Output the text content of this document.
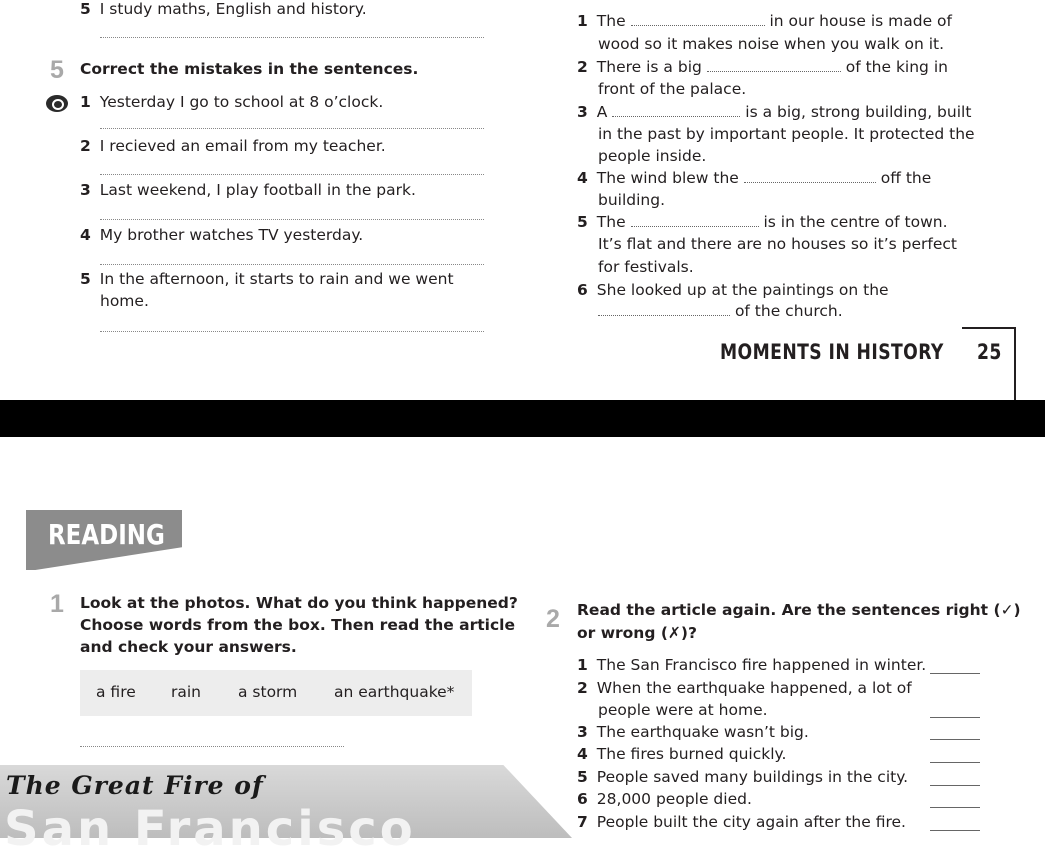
5 I study maths, English and history.
5 Correct the mistakes in the sentences.
1 Yesterday I go to school at 8 o’clock.
2 I recieved an email from my teacher.
3 Last weekend, I play football in the park.
4 My brother watches TV yesterday.
5 In the afternoon, it starts to rain and we went
home.
1 The	in our house is made of
wood so it makes noise when you walk on it.
2 There is a big	of the king in
front of the palace.
3 A	is a big, strong building, built
in the past by important people. It protected the
people inside.
4 The wind blew the	off the
building.
5 The	is in the centre of town.
It’s flat and there are no houses so it’s perfect
for festivals.
6 She looked up at the paintings on the
of the church.
MOMENTS IN HISTORY 25
READING
1 Look at the photos. What do you think happened?
Choose words from the box. Then read the article
and check your answers.
a fire rain a storm an earthquake*
The Great Fire of
San Francisco
2 Read the article again. Are the sentences right (✓)
or wrong (✗)?
1 The San Francisco fire happened in winter.
2 When the earthquake happened, a lot of
people were at home.
3 The earthquake wasn’t big.
4 The fires burned quickly.
5 People saved many buildings in the city.
6 28,000 people died.
7 People built the city again after the fire.
